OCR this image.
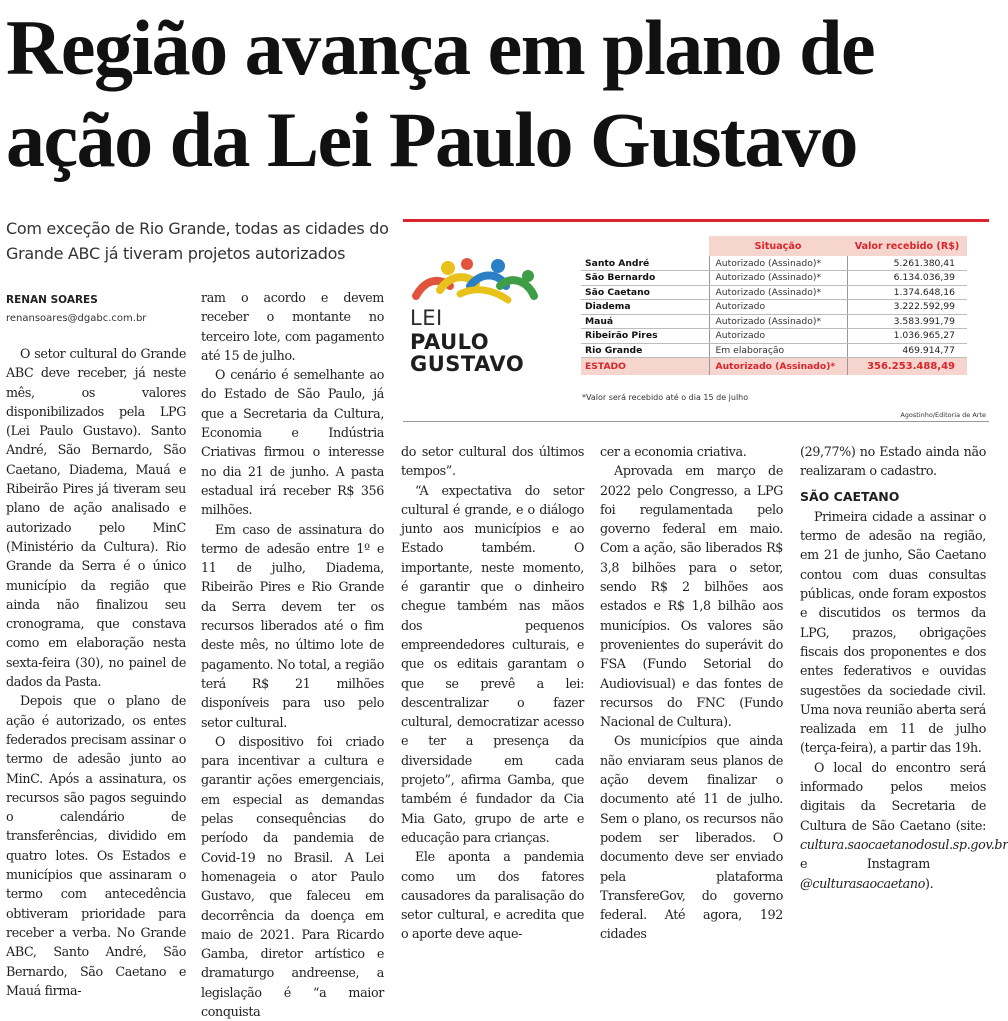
Região avança em plano de ação da Lei Paulo Gustavo
Com exceção de Rio Grande, todas as cidades do Grande ABC já tiveram projetos autorizados
RENAN SOARES
renansoares@dgabc.com.br	LEI
PAULO
GUSTAVO
	Situação	Valor recebido (R$)
Santo André	Autorizado (Assinado)*	5.261.380,41
São Bernardo	Autorizado (Assinado)*	6.134.036,39
São Caetano	Autorizado (Assinado)*	1.374.648,16
Diadema	Autorizado	3.222.592,99
Mauá	Autorizado (Assinado)*	3.583.991,79
Ribeirão Pires	Autorizado	1.036.965,27
Rio Grande	Em elaboração	469.914,77
ESTADO	Autorizado (Assinado)*	356.253.488,49
*Valor será recebido até o dia 15 de julho
Agostinho/Editoria de Arte

O setor cultural do Grande ABC deve receber, já neste mês, os valores disponibilizados pela LPG (Lei Paulo Gustavo). Santo André, São Bernardo, São Caetano, Diadema, Mauá e Ribeirão Pires já tiveram seu plano de ação analisado e autorizado pelo MinC (Ministério da Cultura). Rio Grande da Serra é o único município da região que ainda não finalizou seu cronograma, que constava como em elaboração nesta sexta-feira (30), no painel de dados da Pasta.

Depois que o plano de ação é autorizado, os entes federados precisam assinar o termo de adesão junto ao MinC. Após a assinatura, os recursos são pagos seguindo o calendário de transferências, dividido em quatro lotes. Os Estados e municípios que assinaram o termo com antecedência obtiveram prioridade para receber a verba. No Grande ABC, Santo André, São Bernardo, São Caetano e Mauá firma-

ram o acordo e devem receber o montante no terceiro lote, com pagamento até 15 de julho.

O cenário é semelhante ao do Estado de São Paulo, já que a Secretaria da Cultura, Economia e Indústria Criativas firmou o interesse no dia 21 de junho. A pasta estadual irá receber R$ 356 milhões.

Em caso de assinatura do termo de adesão entre 1º e 11 de julho, Diadema, Ribeirão Pires e Rio Grande da Serra devem ter os recursos liberados até o fim deste mês, no último lote de pagamento. No total, a região terá R$ 21 milhões disponíveis para uso pelo setor cultural.

O dispositivo foi criado para incentivar a cultura e garantir ações emergenciais, em especial as demandas pelas consequências do período da pandemia de Covid-19 no Brasil. A Lei homenageia o ator Paulo Gustavo, que faleceu em decorrência da doença em maio de 2021. Para Ricardo Gamba, diretor artístico e dramaturgo andreense, a legislação é “a maior conquista

do setor cultural dos últimos tempos”.

“A expectativa do setor cultural é grande, e o diálogo junto aos municípios e ao Estado também. O importante, neste momento, é garantir que o dinheiro chegue também nas mãos dos pequenos empreendedores culturais, e que os editais garantam o que se prevê a lei: descentralizar o fazer cultural, democratizar acesso e ter a presença da diversidade em cada projeto”, afirma Gamba, que também é fundador da Cia Mia Gato, grupo de arte e educação para crianças.

Ele aponta a pandemia como um dos fatores causadores da paralisação do setor cultural, e acredita que o aporte deve aque-

cer a economia criativa.

Aprovada em março de 2022 pelo Congresso, a LPG foi regulamentada pelo governo federal em maio. Com a ação, são liberados R$ 3,8 bilhões para o setor, sendo R$ 2 bilhões aos estados e R$ 1,8 bilhão aos municípios. Os valores são provenientes do superávit do FSA (Fundo Setorial do Audiovisual) e das fontes de recursos do FNC (Fundo Nacional de Cultura).

Os municípios que ainda não enviaram seus planos de ação devem finalizar o documento até 11 de julho. Sem o plano, os recursos não podem ser liberados. O documento deve ser enviado pela plataforma TransfereGov, do governo federal. Até agora, 192 cidades

(29,77%) no Estado ainda não realizaram o cadastro.

SÃO CAETANO

Primeira cidade a assinar o termo de adesão na região, em 21 de junho, São Caetano contou com duas consultas públicas, onde foram expostos e discutidos os termos da LPG, prazos, obrigações fiscais dos proponentes e dos entes federativos e ouvidas sugestões da sociedade civil. Uma nova reunião aberta será realizada em 11 de julho (terça-feira), a partir das 19h.

O local do encontro será informado pelos meios digitais da Secretaria de Cultura de São Caetano (site: cultura.saocaetanodosul.sp.gov.br e Instagram @culturasaocaetano).
